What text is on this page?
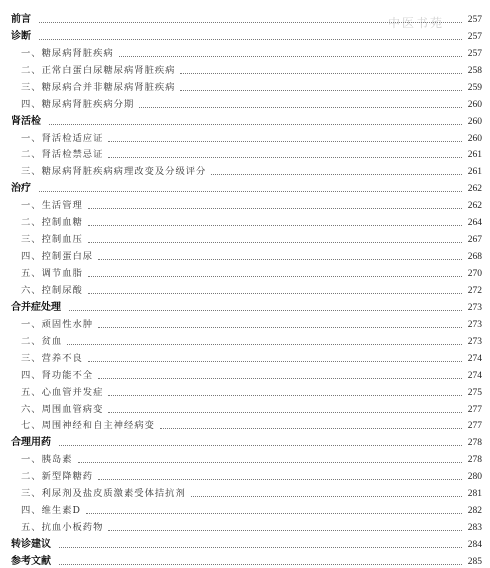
中医书苑
前言	257
诊断	257
一、糖尿病肾脏疾病	257
二、正常白蛋白尿糖尿病肾脏疾病	258
三、糖尿病合并非糖尿病肾脏疾病	259
四、糖尿病肾脏疾病分期	260
肾活检	260
一、肾活检适应证	260
二、肾活检禁忌证	261
三、糖尿病肾脏疾病病理改变及分级评分	261
治疗	262
一、生活管理	262
二、控制血糖	264
三、控制血压	267
四、控制蛋白尿	268
五、调节血脂	270
六、控制尿酸	272
合并症处理	273
一、顽固性水肿	273
二、贫血	273
三、营养不良	274
四、肾功能不全	274
五、心血管并发症	275
六、周围血管病变	277
七、周围神经和自主神经病变	277
合理用药	278
一、胰岛素	278
二、新型降糖药	280
三、利尿剂及盐皮质激素受体拮抗剂	281
四、维生素D	282
五、抗血小板药物	283
转诊建议	284
参考文献	285
